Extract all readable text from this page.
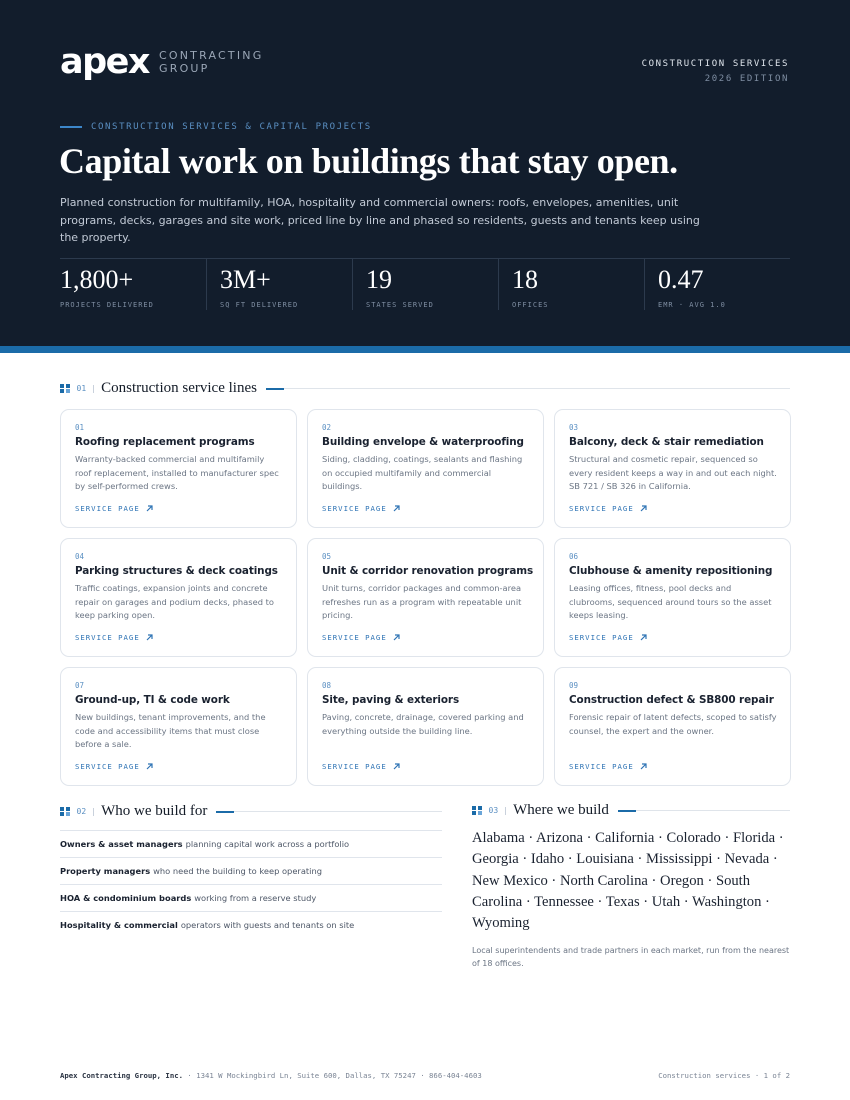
apex CONTRACTING
GROUP	CONSTRUCTION SERVICES
2026 EDITION
CONSTRUCTION SERVICES & CAPITAL PROJECTS
Capital work on buildings that stay open.

Planned construction for multifamily, HOA, hospitality and commercial owners: roofs, envelopes, amenities, unit programs, decks, garages and site work, priced line by line and phased so residents, guests and tenants keep using the property.

1,800+
PROJECTS DELIVERED
3M+
SQ FT DELIVERED
19
STATES SERVED
18
OFFICES
0.47
EMR · AVG 1.0
01 Construction service lines
01
Roofing replacement programs
Warranty-backed commercial and multifamily roof replacement, installed to manufacturer spec by self-performed crews.
SERVICE PAGE
02
Building envelope & waterproofing
Siding, cladding, coatings, sealants and flashing on occupied multifamily and commercial buildings.
SERVICE PAGE
03
Balcony, deck & stair remediation
Structural and cosmetic repair, sequenced so every resident keeps a way in and out each night. SB 721 / SB 326 in California.
SERVICE PAGE
04
Parking structures & deck coatings
Traffic coatings, expansion joints and concrete repair on garages and podium decks, phased to keep parking open.
SERVICE PAGE
05
Unit & corridor renovation programs
Unit turns, corridor packages and common-area refreshes run as a program with repeatable unit pricing.
SERVICE PAGE
06
Clubhouse & amenity repositioning
Leasing offices, fitness, pool decks and clubrooms, sequenced around tours so the asset keeps leasing.
SERVICE PAGE
07
Ground-up, TI & code work
New buildings, tenant improvements, and the code and accessibility items that must close before a sale.
SERVICE PAGE
08
Site, paving & exteriors
Paving, concrete, drainage, covered parking and everything outside the building line.
SERVICE PAGE
09
Construction defect & SB800 repair
Forensic repair of latent defects, scoped to satisfy counsel, the expert and the owner.
SERVICE PAGE
02 Who we build for
Owners & asset managers planning capital work across a portfolio
Property managers who need the building to keep operating
HOA & condominium boards working from a reserve study
Hospitality & commercial operators with guests and tenants on site
03 Where we build

Alabama · Arizona · California · Colorado · Florida · Georgia · Idaho · Louisiana · Mississippi · Nevada · New Mexico · North Carolina · Oregon · South Carolina · Tennessee · Texas · Utah · Washington · Wyoming

Local superintendents and trade partners in each market, run from the nearest of 18 offices.

Apex Contracting Group, Inc. · 1341 W Mockingbird Ln, Suite 600, Dallas, TX 75247 · 866-404-4603	Construction services · 1 of 2
